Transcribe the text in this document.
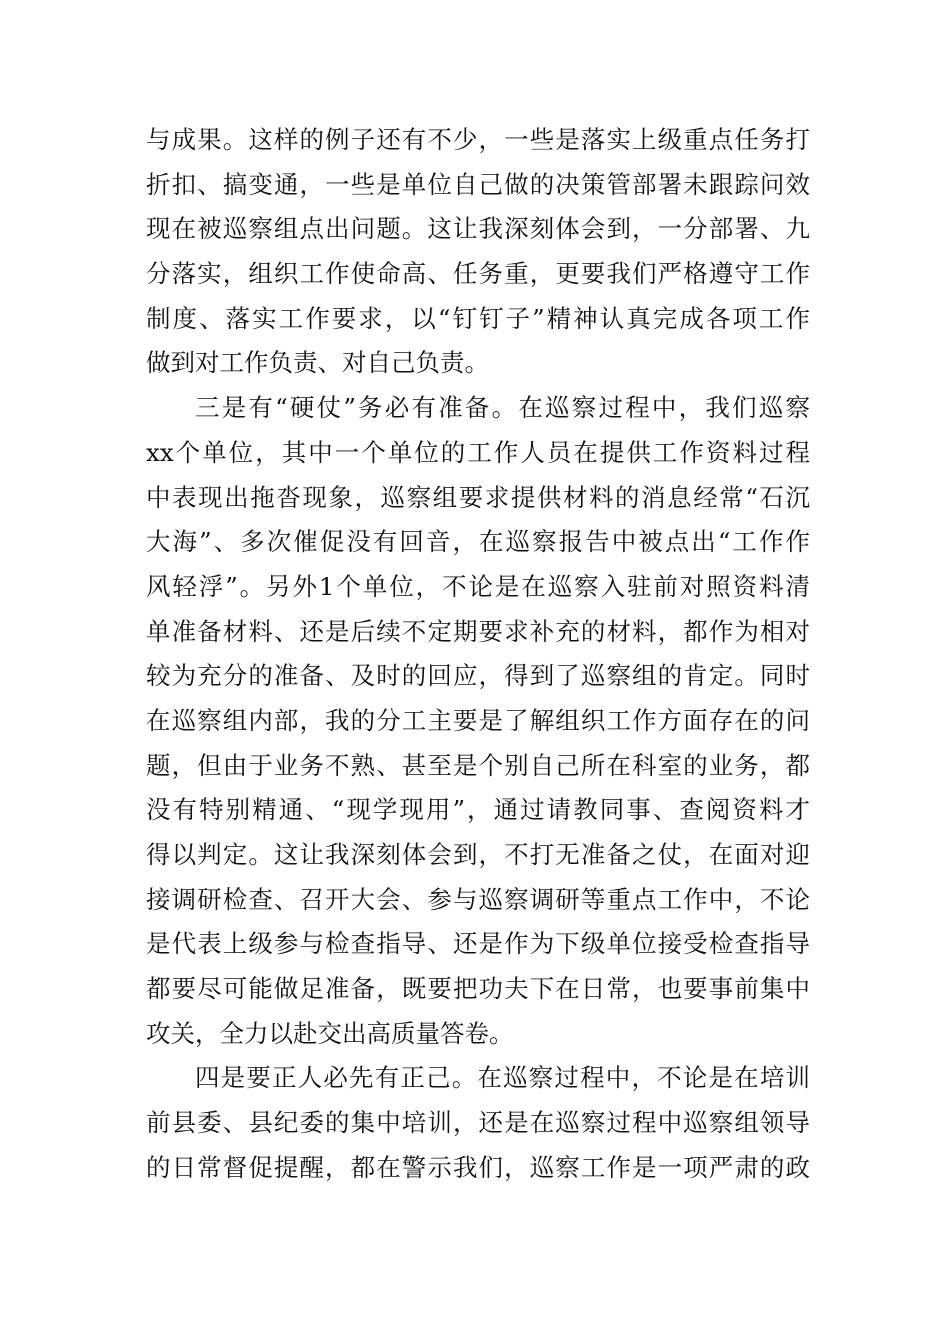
与成果。这样的例子还有不少，一些是落实上级重点任务打
折扣、搞变通，一些是单位自己做的决策管部署未跟踪问效
现在被巡察组点出问题。这让我深刻体会到，一分部署、九
分落实，组织工作使命高、任务重，更要我们严格遵守工作
制度、落实工作要求，以“钉钉子”精神认真完成各项工作
做到对工作负责、对自己负责。
三是有“硬仗”务必有准备。在巡察过程中，我们巡察
xx个单位，其中一个单位的工作人员在提供工作资料过程
中表现出拖沓现象，巡察组要求提供材料的消息经常“石沉
大海”、多次催促没有回音，在巡察报告中被点出“工作作
风轻浮”。另外1个单位，不论是在巡察入驻前对照资料清
单准备材料、还是后续不定期要求补充的材料，都作为相对
较为充分的准备、及时的回应，得到了巡察组的肯定。同时
在巡察组内部，我的分工主要是了解组织工作方面存在的问
题，但由于业务不熟、甚至是个别自己所在科室的业务，都
没有特别精通、“现学现用”，通过请教同事、查阅资料才
得以判定。这让我深刻体会到，不打无准备之仗，在面对迎
接调研检查、召开大会、参与巡察调研等重点工作中，不论
是代表上级参与检查指导、还是作为下级单位接受检查指导
都要尽可能做足准备，既要把功夫下在日常，也要事前集中
攻关，全力以赴交出高质量答卷。
四是要正人必先有正己。在巡察过程中，不论是在培训
前县委、县纪委的集中培训，还是在巡察过程中巡察组领导
的日常督促提醒，都在警示我们，巡察工作是一项严肃的政
